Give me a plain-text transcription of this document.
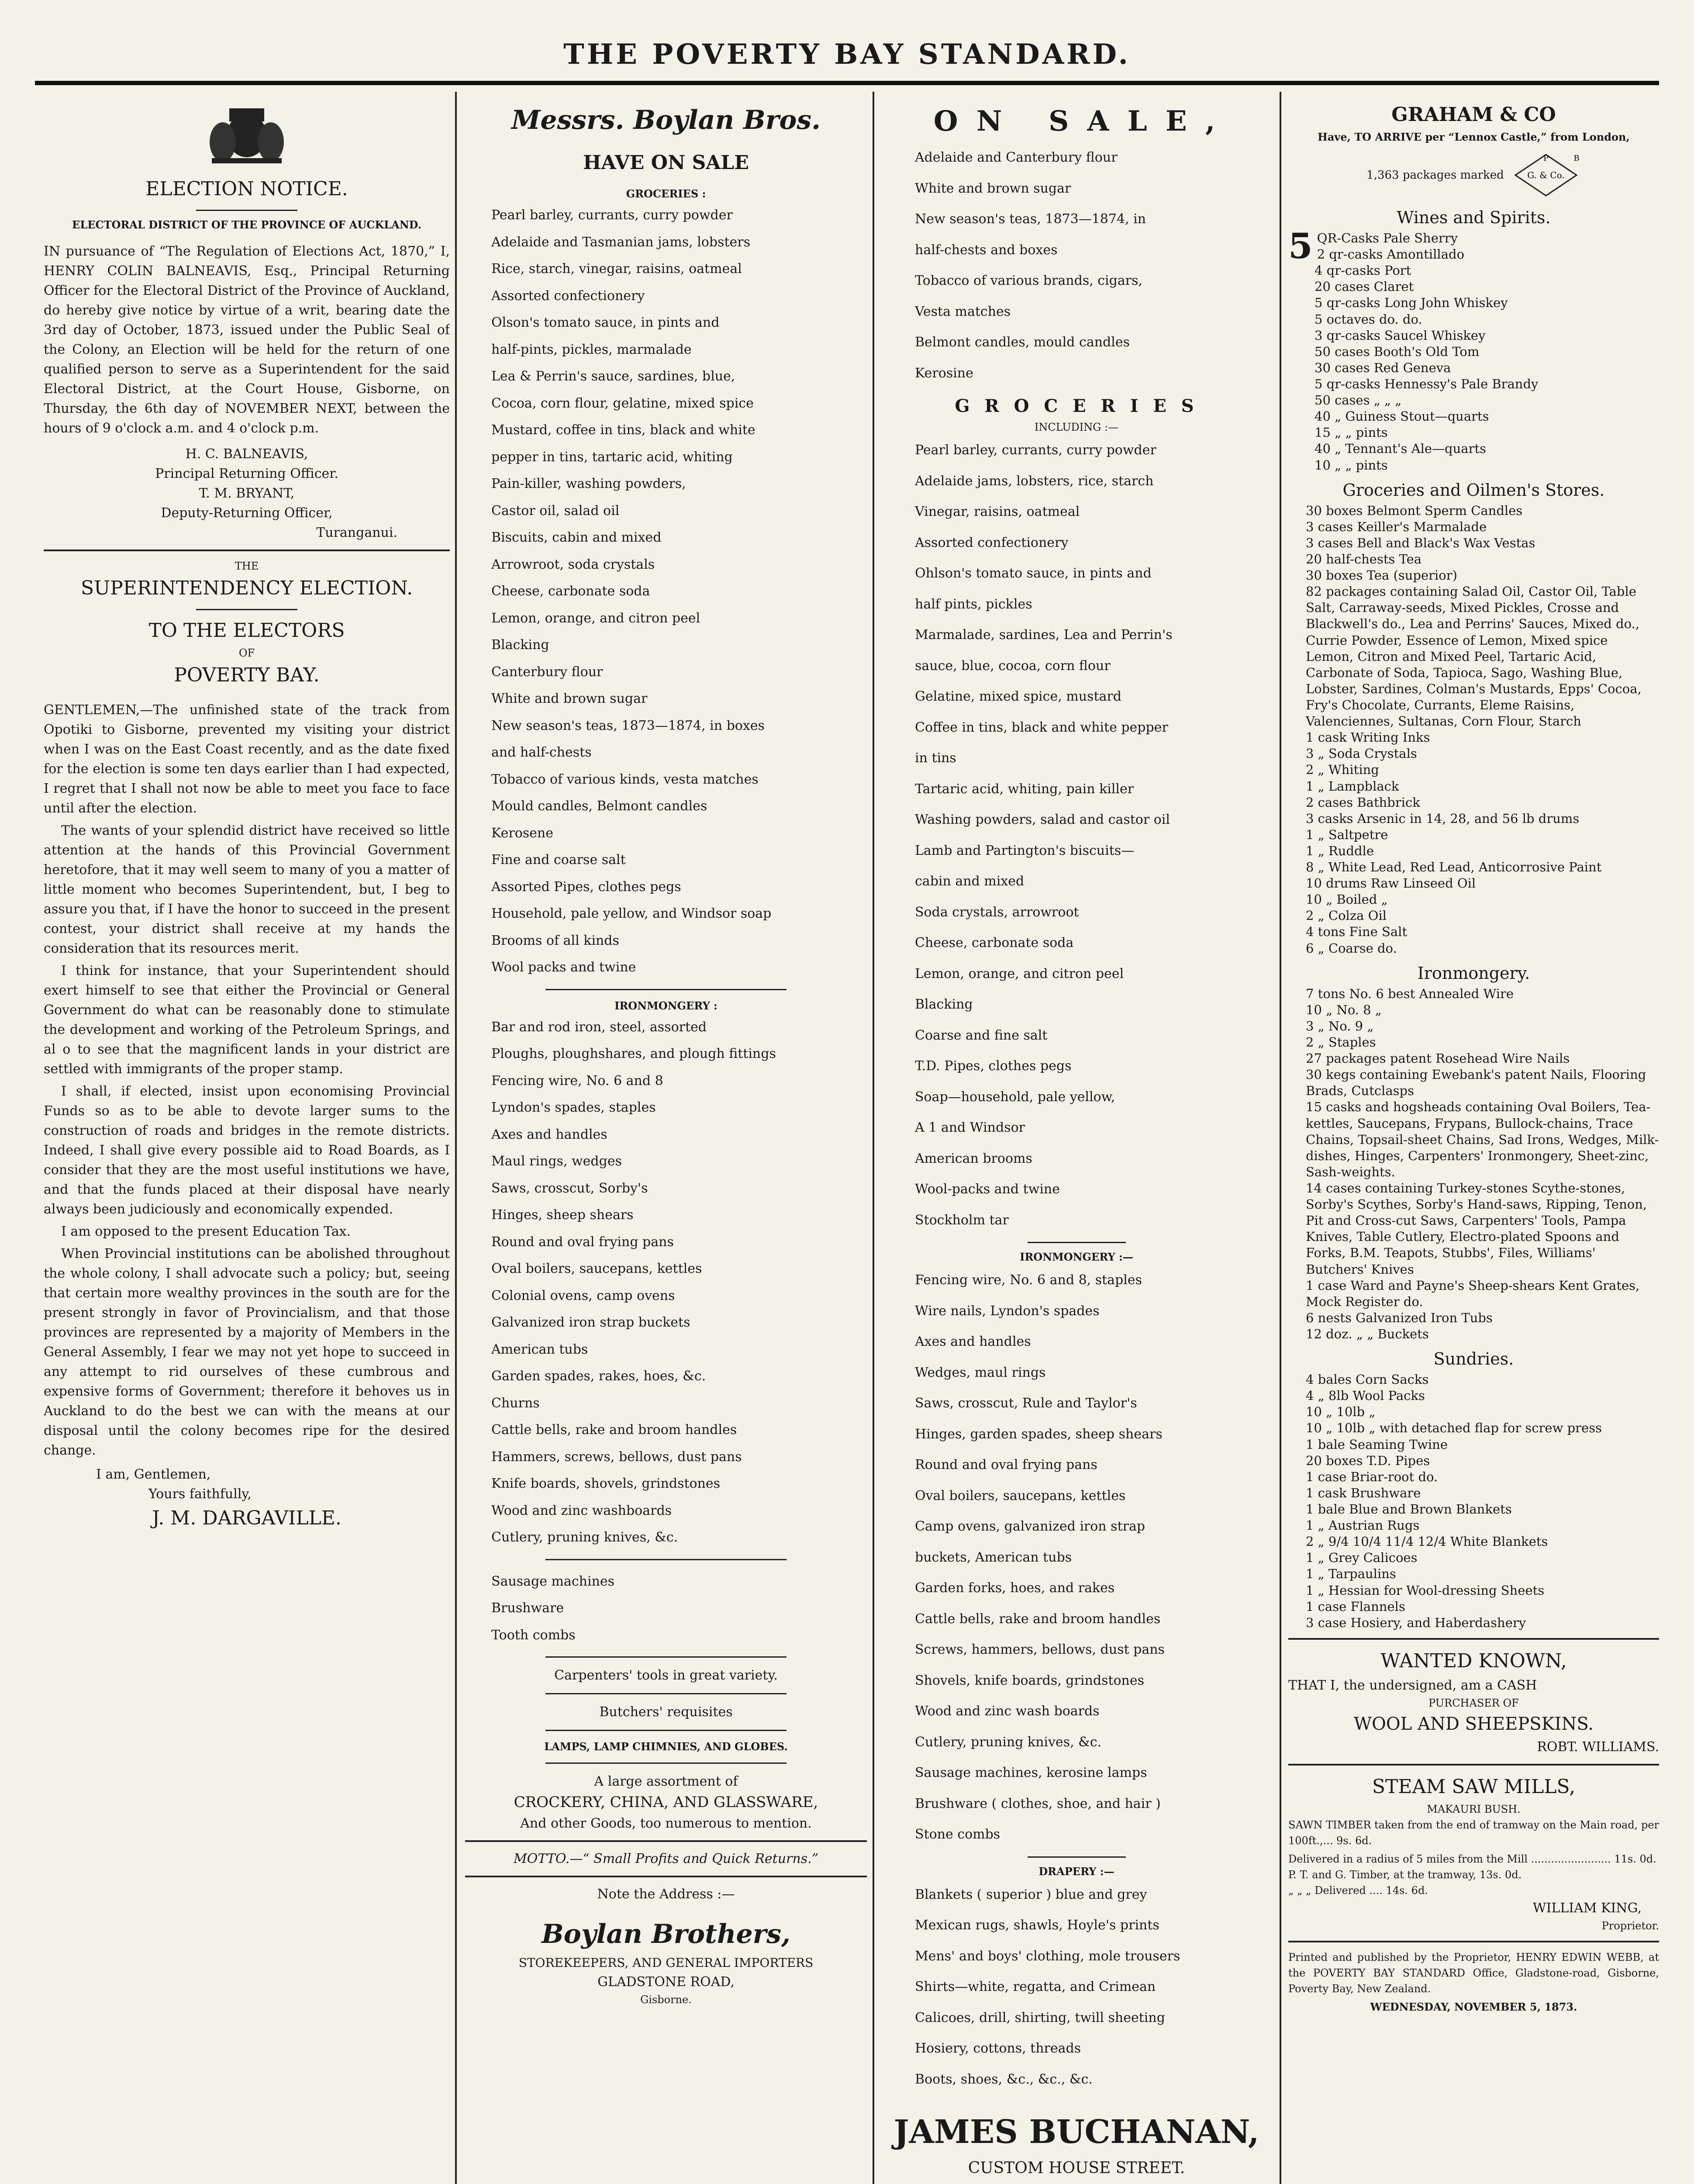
THE POVERTY BAY STANDARD.
ELECTION NOTICE.
ELECTORAL DISTRICT OF THE PROVINCE OF AUCKLAND.

IN pursuance of “The Regulation of Elections Act, 1870,” I, HENRY COLIN BALNEAVIS, Esq., Principal Returning Officer for the Electoral District of the Province of Auckland, do hereby give notice by virtue of a writ, bearing date the 3rd day of October, 1873, issued under the Public Seal of the Colony, an Election will be held for the return of one qualified person to serve as a Superintendent for the said Electoral District, at the Court House, Gisborne, on Thursday, the 6th day of NOVEMBER NEXT, between the hours of 9 o'clock a.m. and 4 o'clock p.m.

H. C. BALNEAVIS,
Principal Returning Officer.
T. M. BRYANT,
Deputy-Returning Officer,
Turanganui.
THE
SUPERINTENDENCY ELECTION.
TO THE ELECTORS
OF
POVERTY BAY.

GENTLEMEN,—The unfinished state of the track from Opotiki to Gisborne, prevented my visiting your district when I was on the East Coast recently, and as the date fixed for the election is some ten days earlier than I had expected, I regret that I shall not now be able to meet you face to face until after the election.

The wants of your splendid district have received so little attention at the hands of this Provincial Government heretofore, that it may well seem to many of you a matter of little moment who becomes Superintendent, but, I beg to assure you that, if I have the honor to succeed in the present contest, your district shall receive at my hands the consideration that its resources merit.

I think for instance, that your Superintendent should exert himself to see that either the Provincial or General Government do what can be reasonably done to stimulate the development and working of the Petroleum Springs, and al o to see that the magnificent lands in your district are settled with immigrants of the proper stamp.

I shall, if elected, insist upon economising Provincial Funds so as to be able to devote larger sums to the construction of roads and bridges in the remote districts. Indeed, I shall give every possible aid to Road Boards, as I consider that they are the most useful institutions we have, and that the funds placed at their disposal have nearly always been judiciously and economically expended.

I am opposed to the present Education Tax.

When Provincial institutions can be abolished throughout the whole colony, I shall advocate such a policy; but, seeing that certain more wealthy provinces in the south are for the present strongly in favor of Provincialism, and that those provinces are represented by a majority of Members in the General Assembly, I fear we may not yet hope to succeed in any attempt to rid ourselves of these cumbrous and expensive forms of Government; therefore it behoves us in Auckland to do the best we can with the means at our disposal until the colony becomes ripe for the desired change.

I am, Gentlemen,
Yours faithfully,
J. M. DARGAVILLE.
Messrs. Boylan Bros.
HAVE ON SALE
GROCERIES :
Pearl barley, currants, curry powder
Adelaide and Tasmanian jams, lobsters
Rice, starch, vinegar, raisins, oatmeal
Assorted confectionery
Olson's tomato sauce, in pints and
half-pints, pickles, marmalade
Lea & Perrin's sauce, sardines, blue,
Cocoa, corn flour, gelatine, mixed spice
Mustard, coffee in tins, black and white
pepper in tins, tartaric acid, whiting
Pain-killer, washing powders,
Castor oil, salad oil
Biscuits, cabin and mixed
Arrowroot, soda crystals
Cheese, carbonate soda
Lemon, orange, and citron peel
Blacking
Canterbury flour
White and brown sugar
New season's teas, 1873—1874, in boxes
and half-chests
Tobacco of various kinds, vesta matches
Mould candles, Belmont candles
Kerosene
Fine and coarse salt
Assorted Pipes, clothes pegs
Household, pale yellow, and Windsor soap
Brooms of all kinds
Wool packs and twine
IRONMONGERY :
Bar and rod iron, steel, assorted
Ploughs, ploughshares, and plough fittings
Fencing wire, No. 6 and 8
Lyndon's spades, staples
Axes and handles
Maul rings, wedges
Saws, crosscut, Sorby's
Hinges, sheep shears
Round and oval frying pans
Oval boilers, saucepans, kettles
Colonial ovens, camp ovens
Galvanized iron strap buckets
American tubs
Garden spades, rakes, hoes, &c.
Churns
Cattle bells, rake and broom handles
Hammers, screws, bellows, dust pans
Knife boards, shovels, grindstones
Wood and zinc washboards
Cutlery, pruning knives, &c.
Sausage machines
Brushware
Tooth combs
Carpenters' tools in great variety.
Butchers' requisites
LAMPS, LAMP CHIMNIES, AND GLOBES.
A large assortment of
CROCKERY, CHINA, AND GLASSWARE,
And other Goods, too numerous to mention.
MOTTO.—“ Small Profits and Quick Returns.”
Note the Address :—
Boylan Brothers,
STOREKEEPERS, AND GENERAL IMPORTERS
GLADSTONE ROAD,
Gisborne.
O N   S A L E ,
Adelaide and Canterbury flour
White and brown sugar
New season's teas, 1873—1874, in
half-chests and boxes
Tobacco of various brands, cigars,
Vesta matches
Belmont candles, mould candles
Kerosine
G R O C E R I E S
INCLUDING :—
Pearl barley, currants, curry powder
Adelaide jams, lobsters, rice, starch
Vinegar, raisins, oatmeal
Assorted confectionery
Ohlson's tomato sauce, in pints and
half pints, pickles
Marmalade, sardines, Lea and Perrin's
sauce, blue, cocoa, corn flour
Gelatine, mixed spice, mustard
Coffee in tins, black and white pepper
in tins
Tartaric acid, whiting, pain killer
Washing powders, salad and castor oil
Lamb and Partington's biscuits—
cabin and mixed
Soda crystals, arrowroot
Cheese, carbonate soda
Lemon, orange, and citron peel
Blacking
Coarse and fine salt
T.D. Pipes, clothes pegs
Soap—household, pale yellow,
A 1 and Windsor
American brooms
Wool-packs and twine
Stockholm tar
IRONMONGERY :—
Fencing wire, No. 6 and 8, staples
Wire nails, Lyndon's spades
Axes and handles
Wedges, maul rings
Saws, crosscut, Rule and Taylor's
Hinges, garden spades, sheep shears
Round and oval frying pans
Oval boilers, saucepans, kettles
Camp ovens, galvanized iron strap
buckets, American tubs
Garden forks, hoes, and rakes
Cattle bells, rake and broom handles
Screws, hammers, bellows, dust pans
Shovels, knife boards, grindstones
Wood and zinc wash boards
Cutlery, pruning knives, &c.
Sausage machines, kerosine lamps
Brushware ( clothes, shoe, and hair )
Stone combs
DRAPERY :—
Blankets ( superior ) blue and grey
Mexican rugs, shawls, Hoyle's prints
Mens' and boys' clothing, mole trousers
Shirts—white, regatta, and Crimean
Calicoes, drill, shirting, twill sheeting
Hosiery, cottons, threads
Boots, shoes, &c., &c., &c.
JAMES BUCHANAN,
CUSTOM HOUSE STREET.
GRAHAM & CO
Have, TO ARRIVE per “Lennox Castle,” from London,
1,363 packages marked	G. & Co.
P	B
Wines and Spirits.
5 QR-Casks Pale Sherry
2 qr-casks Amontillado
4 qr-casks Port
20 cases Claret
5 qr-casks Long John Whiskey
5 octaves do. do.
3 qr-casks Saucel Whiskey
50 cases Booth's Old Tom
30 cases Red Geneva
5 qr-casks Hennessy's Pale Brandy
50 cases „ „ „
40 „ Guiness Stout—quarts
15 „ „ pints
40 „ Tennant's Ale—quarts
10 „ „ pints
Groceries and Oilmen's Stores.
30 boxes Belmont Sperm Candles
3 cases Keiller's Marmalade
3 cases Bell and Black's Wax Vestas
20 half-chests Tea
30 boxes Tea (superior)
82 packages containing Salad Oil, Castor Oil, Table Salt, Carraway-seeds, Mixed Pickles, Crosse and Blackwell's do., Lea and Perrins' Sauces, Mixed do., Currie Powder, Essence of Lemon, Mixed spice Lemon, Citron and Mixed Peel, Tartaric Acid, Carbonate of Soda, Tapioca, Sago, Washing Blue, Lobster, Sardines, Colman's Mustards, Epps' Cocoa, Fry's Chocolate, Currants, Eleme Raisins, Valenciennes, Sultanas, Corn Flour, Starch
1 cask Writing Inks
3 „ Soda Crystals
2 „ Whiting
1 „ Lampblack
2 cases Bathbrick
3 casks Arsenic in 14, 28, and 56 lb drums
1 „ Saltpetre
1 „ Ruddle
8 „ White Lead, Red Lead, Anticorrosive Paint
10 drums Raw Linseed Oil
10 „ Boiled „
2 „ Colza Oil
4 tons Fine Salt
6 „ Coarse do.
Ironmongery.
7 tons No. 6 best Annealed Wire
10 „ No. 8 „
3 „ No. 9 „
2 „ Staples
27 packages patent Rosehead Wire Nails
30 kegs containing Ewebank's patent Nails, Flooring Brads, Cutclasps
15 casks and hogsheads containing Oval Boilers, Tea-kettles, Saucepans, Frypans, Bullock-chains, Trace Chains, Topsail-sheet Chains, Sad Irons, Wedges, Milk-dishes, Hinges, Carpenters' Ironmongery, Sheet-zinc, Sash-weights.
14 cases containing Turkey-stones Scythe-stones, Sorby's Scythes, Sorby's Hand-saws, Ripping, Tenon, Pit and Cross-cut Saws, Carpenters' Tools, Pampa Knives, Table Cutlery, Electro-plated Spoons and Forks, B.M. Teapots, Stubbs', Files, Williams' Butchers' Knives
1 case Ward and Payne's Sheep-shears Kent Grates, Mock Register do.
6 nests Galvanized Iron Tubs
12 doz. „ „ Buckets
Sundries.
4 bales Corn Sacks
4 „ 8lb Wool Packs
10 „ 10lb „
10 „ 10lb „ with detached flap for screw press
1 bale Seaming Twine
20 boxes T.D. Pipes
1 case Briar-root do.
1 cask Brushware
1 bale Blue and Brown Blankets
1 „ Austrian Rugs
2 „ 9/4 10/4 11/4 12/4 White Blankets
1 „ Grey Calicoes
1 „ Tarpaulins
1 „ Hessian for Wool-dressing Sheets
1 case Flannels
3 case Hosiery, and Haberdashery
WANTED KNOWN,
THAT I, the undersigned, am a CASH
PURCHASER OF
WOOL AND SHEEPSKINS.
ROBT. WILLIAMS.
STEAM SAW MILLS,
MAKAURI BUSH.

SAWN TIMBER taken from the end of tramway on the Main road, per 100ft.,... 9s. 6d.

Delivered in a radius of 5 miles from the Mill ........................ 11s. 0d.
P. T. and G. Timber, at the tramway, 13s. 0d.
„ „ „ Delivered .... 14s. 6d.
WILLIAM KING,
Proprietor.

Printed and published by the Proprietor, HENRY EDWIN WEBB, at the POVERTY BAY STANDARD Office, Gladstone-road, Gisborne, Poverty Bay, New Zealand.

WEDNESDAY, NOVEMBER 5, 1873.
